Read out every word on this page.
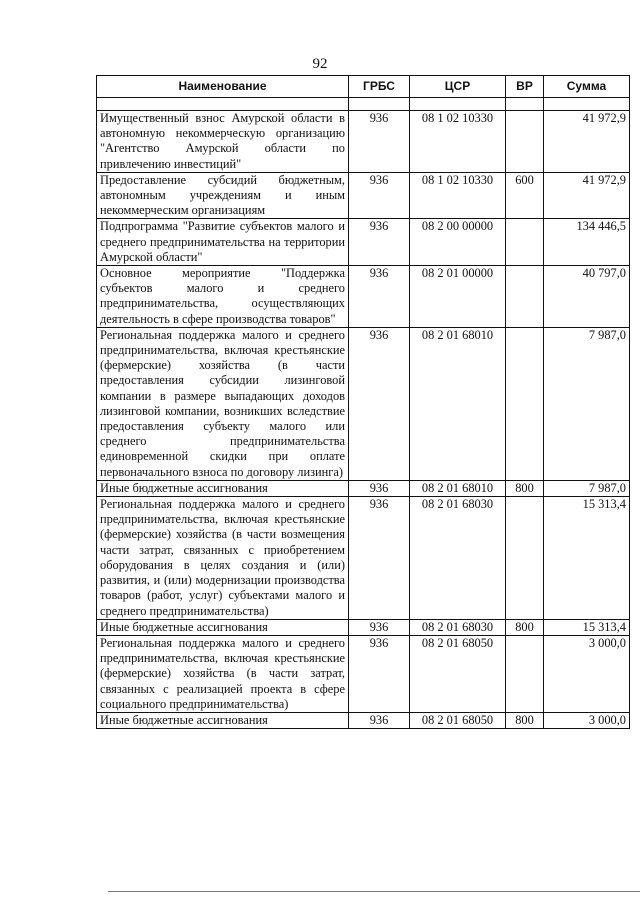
92
Наименование	ГРБС	ЦСР	ВР	Сумма

Имущественный взнос Амурской области в автономную некоммерческую организацию "Агентство Амурской области по привлечению инвестиций"	936	08 1 02 10330		41 972,9
Предоставление субсидий бюджетным, автономным учреждениям и иным некоммерческим организациям	936	08 1 02 10330	600	41 972,9
Подпрограмма "Развитие субъектов малого и среднего предпринимательства на территории Амурской области"	936	08 2 00 00000		134 446,5
Основное мероприятие "Поддержка субъектов малого и среднего предпринимательства, осуществляющих деятельность в сфере производства товаров"	936	08 2 01 00000		40 797,0
Региональная поддержка малого и среднего предпринимательства, включая крестьянские (фермерские) хозяйства (в части предоставления субсидии лизинговой компании в размере выпадающих доходов лизинговой компании, возникших вследствие предоставления субъекту малого или среднего предпринимательства единовременной скидки при оплате первоначального взноса по договору лизинга)	936	08 2 01 68010		7 987,0
Иные бюджетные ассигнования	936	08 2 01 68010	800	7 987,0
Региональная поддержка малого и среднего предпринимательства, включая крестьянские (фермерские) хозяйства (в части возмещения части затрат, связанных с приобретением оборудования в целях создания и (или) развития, и (или) модернизации производства товаров (работ, услуг) субъектами малого и среднего предпринимательства)	936	08 2 01 68030		15 313,4
Иные бюджетные ассигнования	936	08 2 01 68030	800	15 313,4
Региональная поддержка малого и среднего предпринимательства, включая крестьянские (фермерские) хозяйства (в части затрат, связанных с реализацией проекта в сфере социального предпринимательства)	936	08 2 01 68050		3 000,0
Иные бюджетные ассигнования	936	08 2 01 68050	800	3 000,0
